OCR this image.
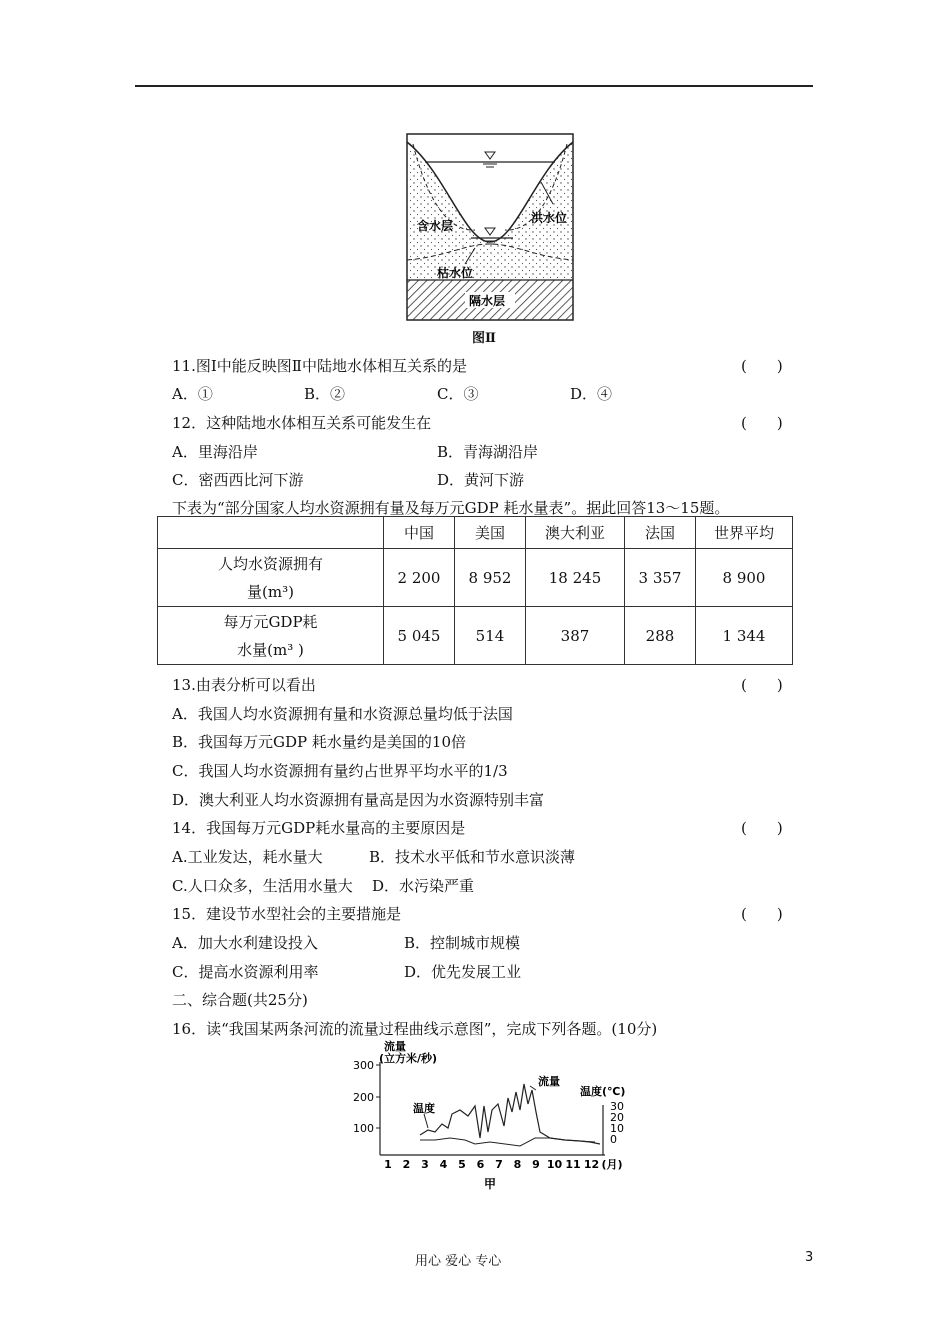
含水层
洪水位
枯水位
隔水层
图Ⅱ
11.图Ⅰ中能反映图Ⅱ中陆地水体相互关系的是	(　　)
A．①	B．②	C．③	D．④
12．这种陆地水体相互关系可能发生在	(　　)
A．里海沿岸	B．青海湖沿岸
C．密西西比河下游	D．黄河下游
下表为“部分国家人均水资源拥有量及每万元GDP 耗水量表”。据此回答13～15题。
	中国	美国	澳大利亚	法国	世界平均

人均水资源拥有
量(m³)	2 200	8 952	18 245	3 357	8 900

每万元GDP耗
水量(m³ )	5 045	514	387	288	1 344
13.由表分析可以看出	(　　)
A．我国人均水资源拥有量和水资源总量均低于法国
B．我国每万元GDP 耗水量约是美国的10倍
C．我国人均水资源拥有量约占世界平均水平的1/3
D．澳大利亚人均水资源拥有量高是因为水资源特别丰富
14．我国每万元GDP耗水量高的主要原因是	(　　)
A.工业发达，耗水量大	B．技术水平低和节水意识淡薄
C.人口众多，生活用水量大 D．水污染严重
15．建设节水型社会的主要措施是	(　　)
A．加大水利建设投入	B．控制城市规模
C．提高水资源利用率	D．优先发展工业
二、综合题(共25分)
16．读“我国某两条河流的流量过程曲线示意图”，完成下列各题。(10分)
流量
(立方米/秒)
300
200
100
30
20
10
0
温度(℃)
流量
温度
1 2 3 4 5 6 7 8 9 10 11 12 (月)
甲
用心 爱心 专心	3
